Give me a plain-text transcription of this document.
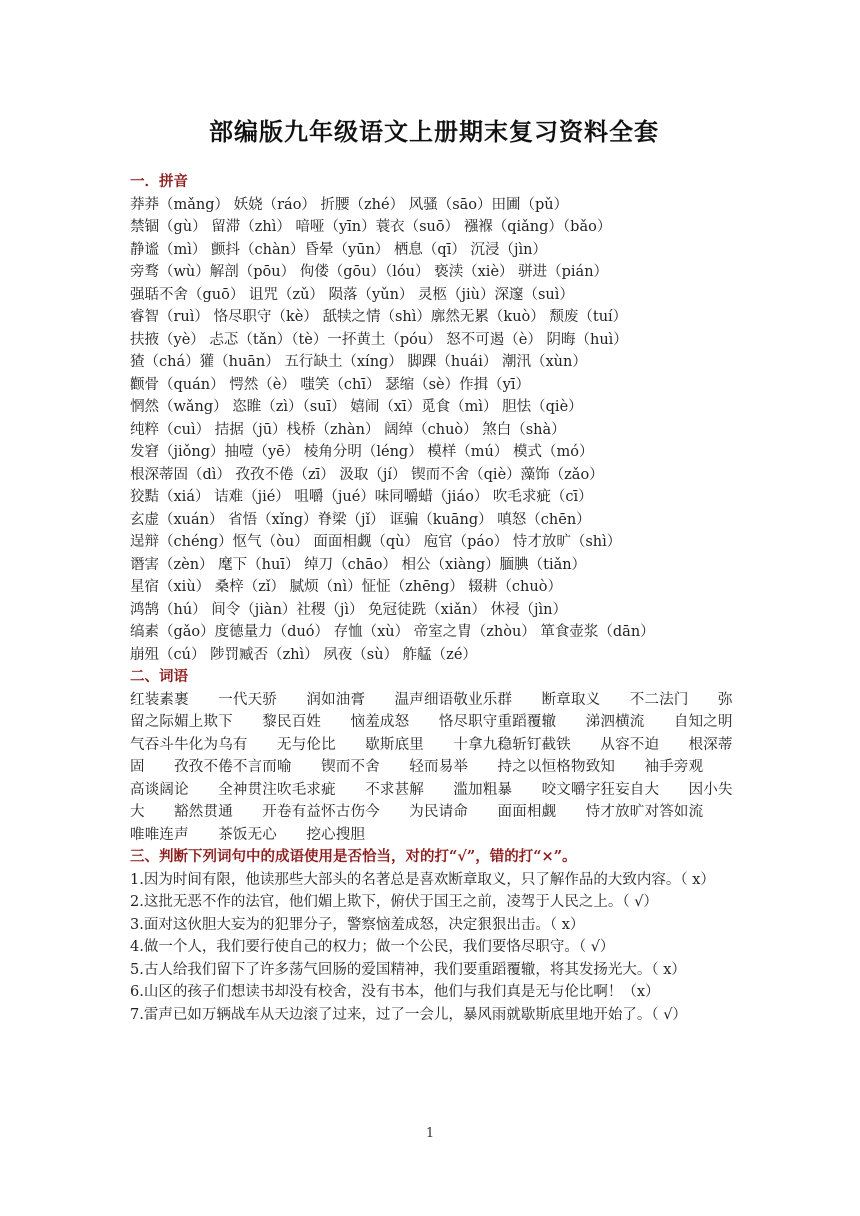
部编版九年级语文上册期末复习资料全套
一．拼音
莽莽（mǎng） 妖娆（ráo） 折腰（zhé） 风骚（sāo）田圃（pǔ）
禁锢（gù） 留滞（zhì） 喑哑（yīn）蓑衣（suō） 襁褓（qiǎng）（bǎo）
静谧（mì） 颤抖（chàn）昏晕（yūn） 栖息（qī） 沉浸（jìn）
旁骛（wù）解剖（pōu） 佝偻（gōu）（lóu） 亵渎（xiè） 骈进（pián）
强聒不舍（guō） 诅咒（zǔ） 陨落（yǔn） 灵柩（jiù）深邃（suì）
睿智（ruì） 恪尽职守（kè） 舐犊之情（shì）廓然无累（kuò） 颓废（tuí）
扶掖（yè） 忐忑（tǎn）（tè）一抔黄土（póu） 怒不可遏（è） 阴晦（huì）
猹（chá）獾（huān） 五行缺土（xíng） 脚踝（huái） 潮汛（xùn）
颧骨（quán） 愕然（è） 嗤笑（chī） 瑟缩（sè）作揖（yī）
惘然（wǎng） 恣睢（zì）（suī） 嬉闹（xī）觅食（mì） 胆怯（qiè）
纯粹（cuì） 拮据（jū）栈桥（zhàn） 阔绰（chuò） 煞白（shà）
发窘（jiǒng）抽噎（yē） 棱角分明（léng） 模样（mú） 模式（mó）
根深蒂固（dì） 孜孜不倦（zī） 汲取（jí） 锲而不舍（qiè）藻饰（zǎo）
狡黠（xiá） 诘难（jié） 咀嚼（jué）味同嚼蜡（jiáo） 吹毛求疵（cī）
玄虚（xuán） 省悟（xǐng）脊梁（jǐ） 诓骗（kuāng） 嗔怒（chēn）
逞辩（chéng）怄气（òu） 面面相觑（qù） 庖官（páo） 恃才放旷（shì）
谮害（zèn） 麾下（huī） 绰刀（chāo） 相公（xiàng）腼腆（tiǎn）
星宿（xiù） 桑梓（zǐ） 腻烦（nì）怔怔（zhēng） 辍耕（chuò）
鸿鹄（hú） 间令（jiàn）社稷（jì） 免冠徒跣（xiǎn） 休祲（jìn）
缟素（gǎo）度德量力（duó） 存恤（xù） 帝室之胄（zhòu） 箪食壶浆（dān）
崩殂（cú） 陟罚臧否（zhì） 夙夜（sù） 舴艋（zé）
二、词语
红装素裹　　一代天骄　　润如油膏　　温声细语敬业乐群　　断章取义　　不二法门　　弥留之际媚上欺下　　黎民百姓　　恼羞成怒　　恪尽职守重蹈覆辙　　涕泗横流　　自知之明　　气吞斗牛化为乌有　　无与伦比　　歇斯底里　　十拿九稳斩钉截铁　　从容不迫　　根深蒂固　　孜孜不倦不言而喻　　锲而不舍　　轻而易举　　持之以恒格物致知　　袖手旁观　　高谈阔论　　全神贯注吹毛求疵　　不求甚解　　滥加粗暴　　咬文嚼字狂妄自大　　因小失大　　豁然贯通　　开卷有益怀古伤今　　为民请命　　面面相觑　　恃才放旷对答如流　　唯唯连声　　茶饭无心　　挖心搜胆
三、判断下列词句中的成语使用是否恰当，对的打“√”，错的打“×”。
1.因为时间有限，他读那些大部头的名著总是喜欢断章取义，只了解作品的大致内容。（ x）
2.这批无恶不作的法官，他们媚上欺下，俯伏于国王之前，凌驾于人民之上。（ √）
3.面对这伙胆大妄为的犯罪分子，警察恼羞成怒，决定狠狠出击。（ x）
4.做一个人，我们要行使自己的权力；做一个公民，我们要恪尽职守。（ √）
5.古人给我们留下了许多荡气回肠的爱国精神，我们要重蹈覆辙，将其发扬光大。（ x）
6.山区的孩子们想读书却没有校舍，没有书本，他们与我们真是无与伦比啊！（x）
7.雷声已如万辆战车从天边滚了过来，过了一会儿，暴风雨就歇斯底里地开始了。（ √）
1
